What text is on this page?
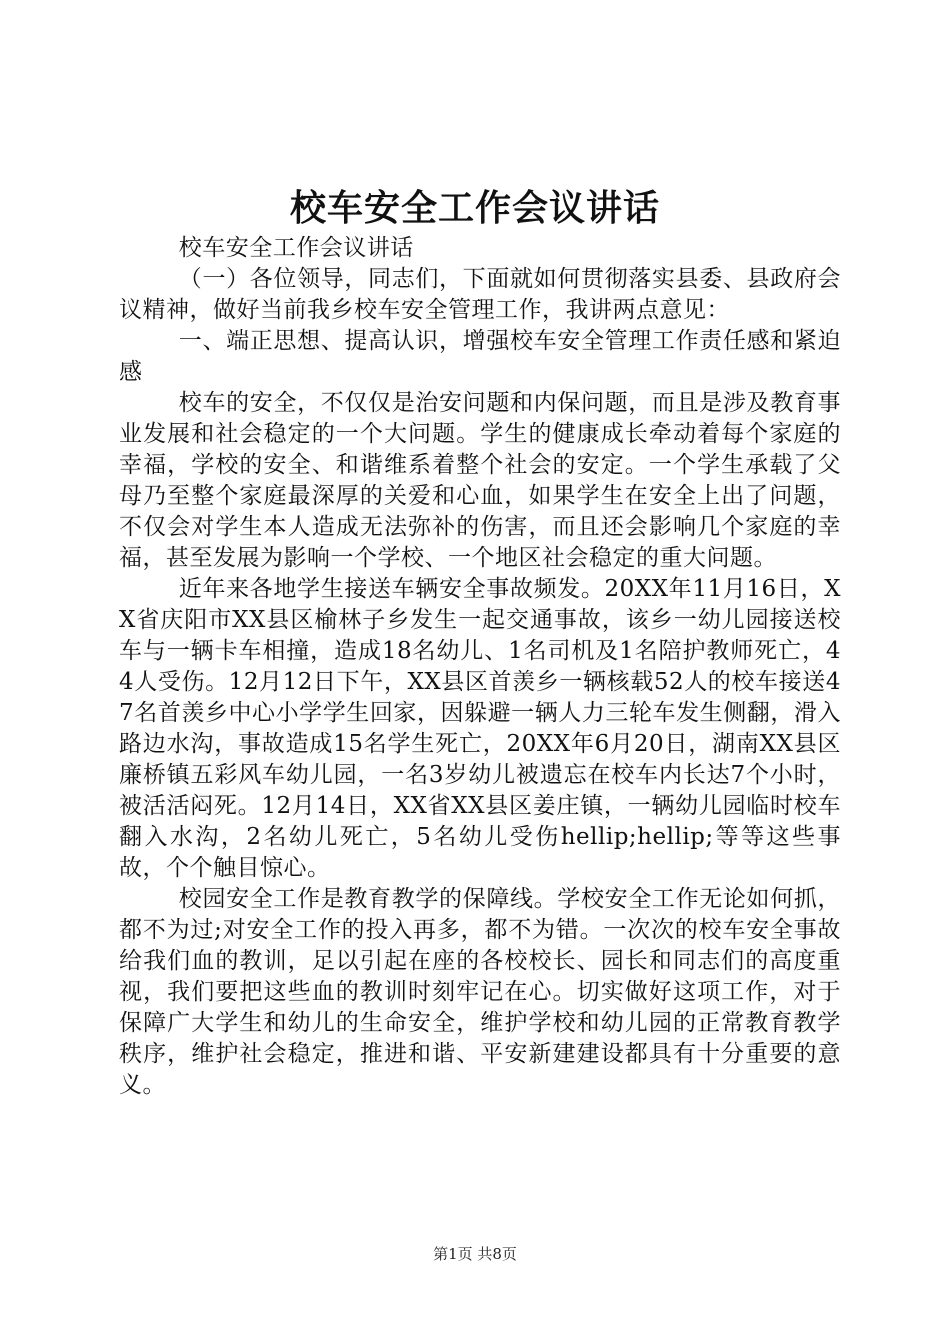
校车安全工作会议讲话

校车安全工作会议讲话

（一）各位领导，同志们，下面就如何贯彻落实县委、县政府会议精神，做好当前我乡校车安全管理工作，我讲两点意见：

一、端正思想、提高认识，增强校车安全管理工作责任感和紧迫感

校车的安全，不仅仅是治安问题和内保问题，而且是涉及教育事业发展和社会稳定的一个大问题。学生的健康成长牵动着每个家庭的幸福，学校的安全、和谐维系着整个社会的安定。一个学生承载了父母乃至整个家庭最深厚的关爱和心血，如果学生在安全上出了问题，不仅会对学生本人造成无法弥补的伤害，而且还会影响几个家庭的幸福，甚至发展为影响一个学校、一个地区社会稳定的重大问题。

近年来各地学生接送车辆安全事故频发。20XX年11月16日，XX省庆阳市XX县区榆林子乡发生一起交通事故，该乡一幼儿园接送校车与一辆卡车相撞，造成18名幼儿、1名司机及1名陪护教师死亡，44人受伤。12月12日下午，XX县区首羡乡一辆核载52人的校车接送47名首羡乡中心小学学生回家，因躲避一辆人力三轮车发生侧翻，滑入路边水沟，事故造成15名学生死亡，20XX年6月20日，湖南XX县区廉桥镇五彩风车幼儿园，一名3岁幼儿被遗忘在校车内长达7个小时，被活活闷死。12月14日，XX省XX县区姜庄镇，一辆幼儿园临时校车翻入水沟，2名幼儿死亡，5名幼儿受伤hellip;hellip;等等这些事故，个个触目惊心。

校园安全工作是教育教学的保障线。学校安全工作无论如何抓，都不为过;对安全工作的投入再多，都不为错。一次次的校车安全事故给我们血的教训，足以引起在座的各校校长、园长和同志们的高度重视，我们要把这些血的教训时刻牢记在心。切实做好这项工作，对于保障广大学生和幼儿的生命安全，维护学校和幼儿园的正常教育教学秩序，维护社会稳定，推进和谐、平安新建建设都具有十分重要的意义。

第1页 共8页
